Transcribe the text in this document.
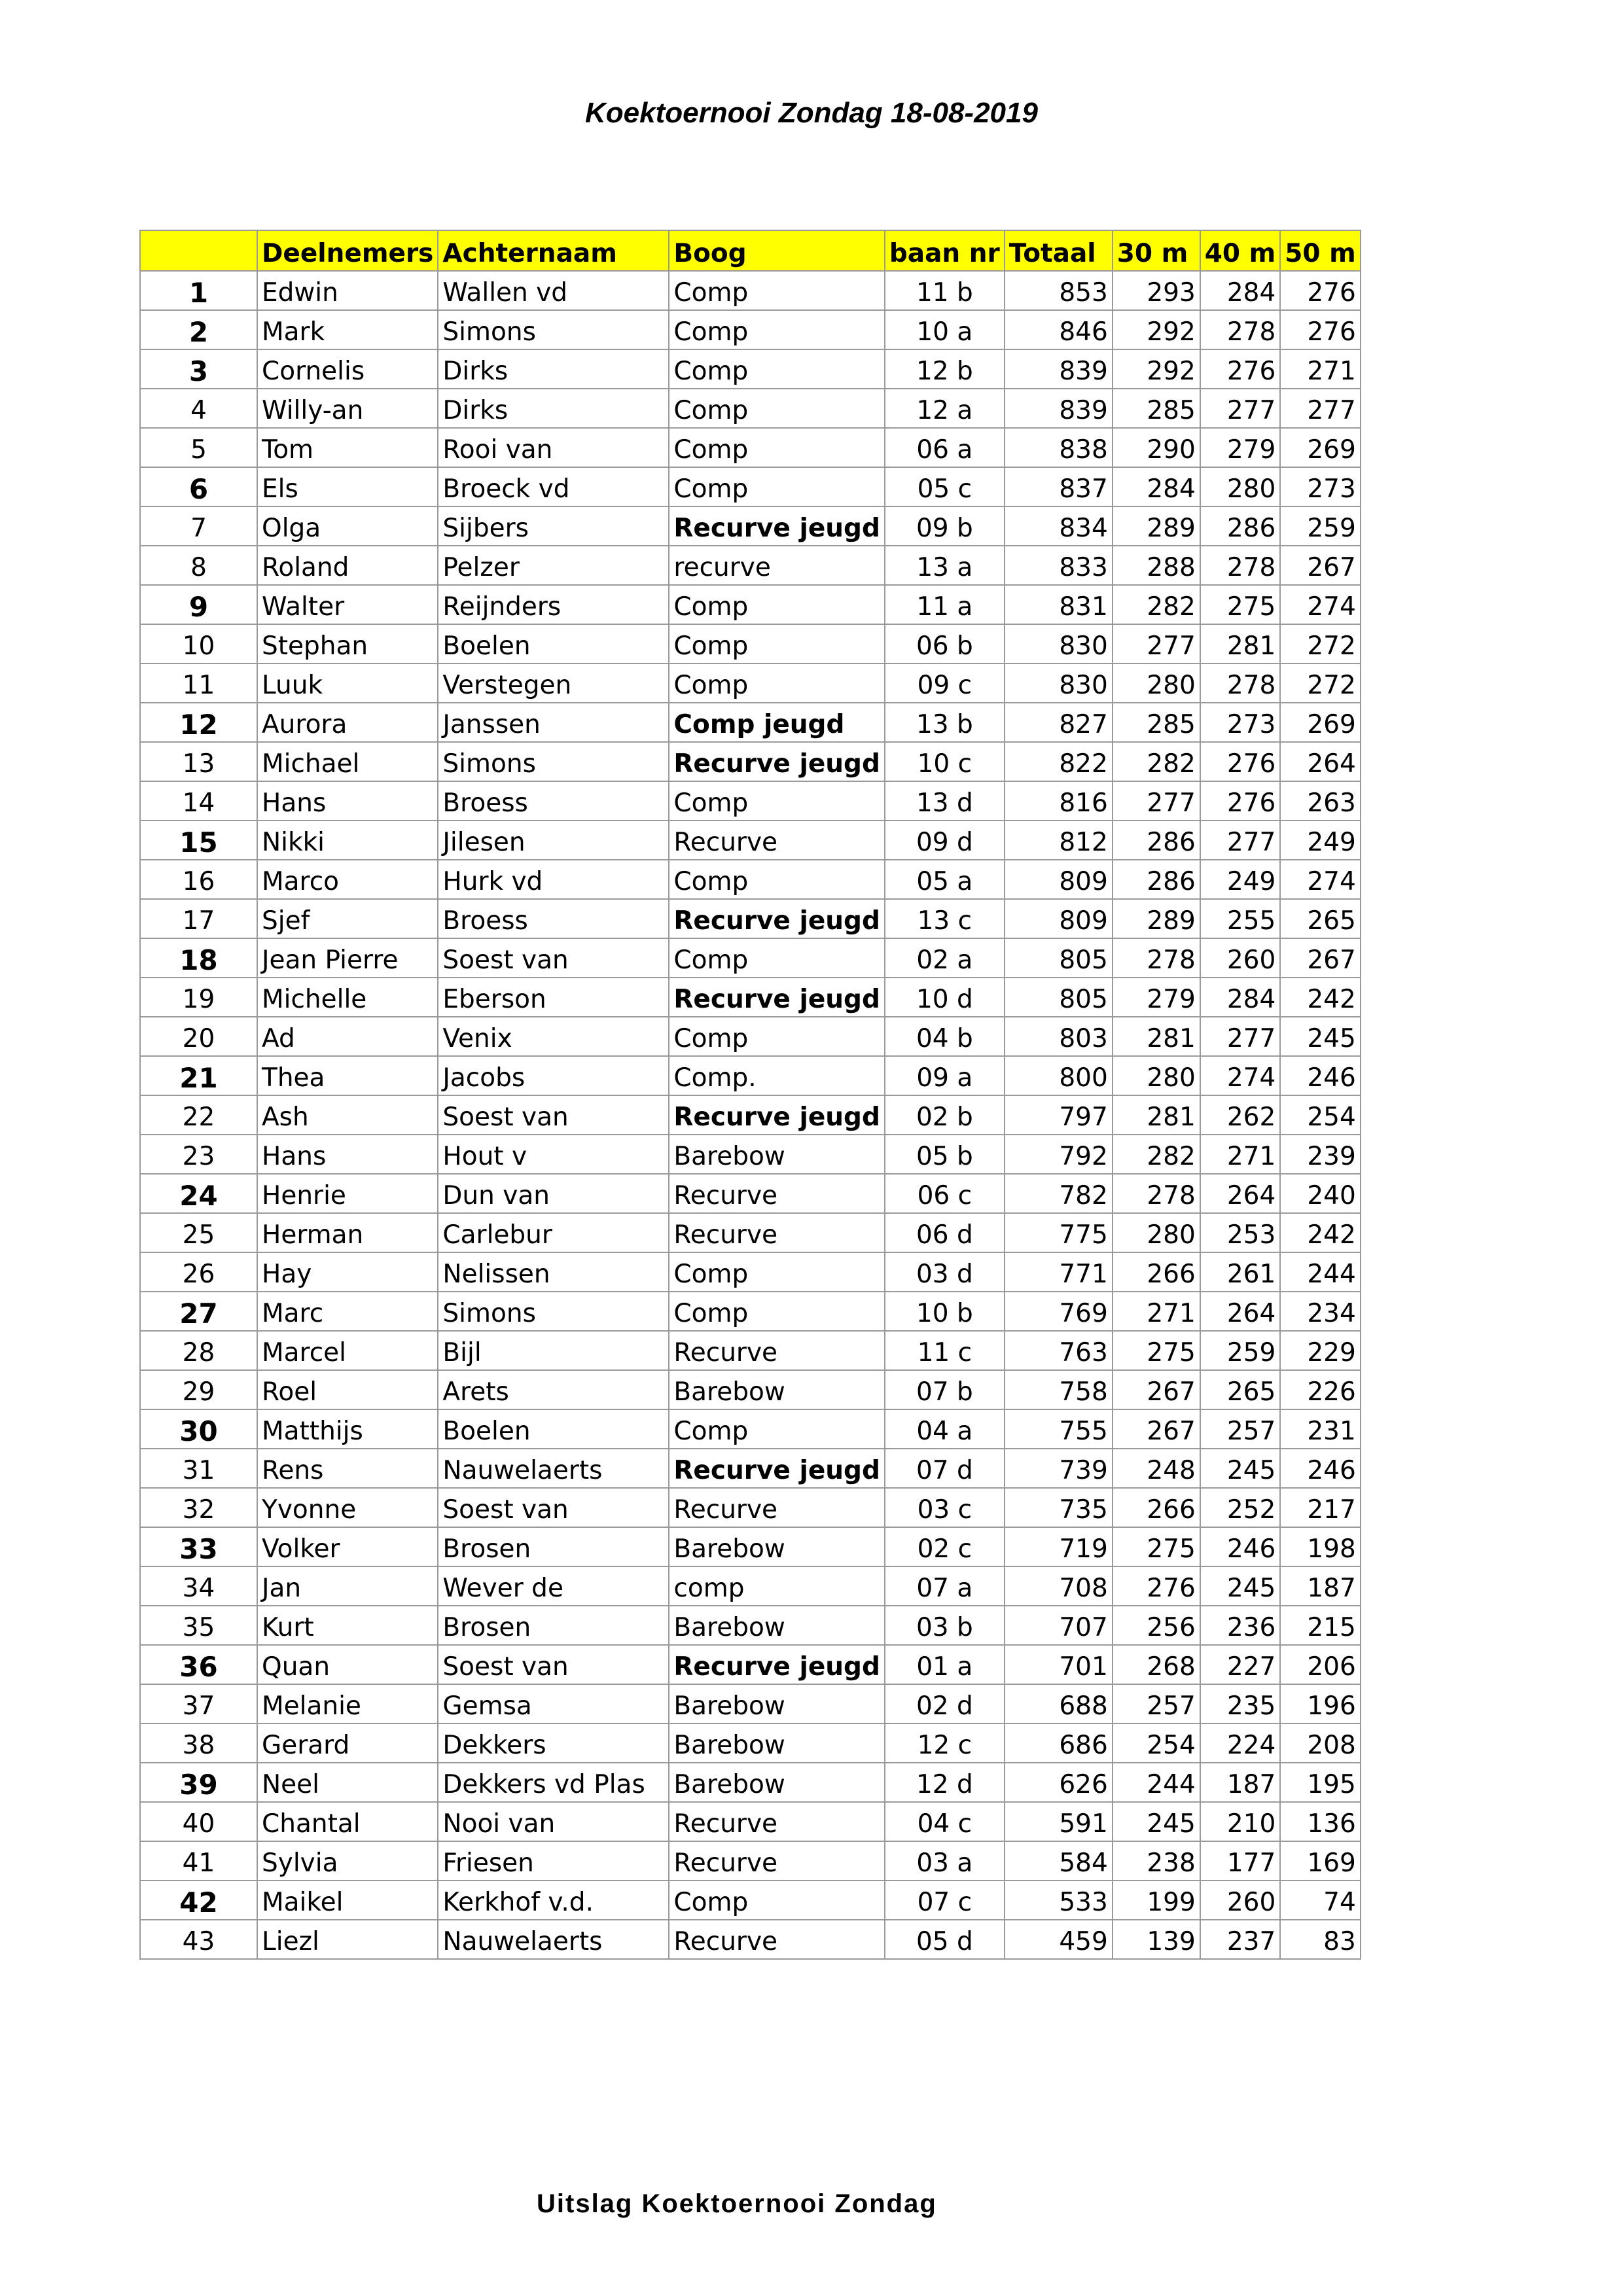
Koektoernooi Zondag 18-08-2019
	Deelnemers	Achternaam	Boog	baan nr	Totaal	30 m	40 m	50 m
1	Edwin	Wallen vd	Comp	11 b	853	293	284	276
2	Mark	Simons	Comp	10 a	846	292	278	276
3	Cornelis	Dirks	Comp	12 b	839	292	276	271
4	Willy-an	Dirks	Comp	12 a	839	285	277	277
5	Tom	Rooi van	Comp	06 a	838	290	279	269
6	Els	Broeck vd	Comp	05 c	837	284	280	273
7	Olga	Sijbers	Recurve jeugd	09 b	834	289	286	259
8	Roland	Pelzer	recurve	13 a	833	288	278	267
9	Walter	Reijnders	Comp	11 a	831	282	275	274
10	Stephan	Boelen	Comp	06 b	830	277	281	272
11	Luuk	Verstegen	Comp	09 c	830	280	278	272
12	Aurora	Janssen	Comp jeugd	13 b	827	285	273	269
13	Michael	Simons	Recurve jeugd	10 c	822	282	276	264
14	Hans	Broess	Comp	13 d	816	277	276	263
15	Nikki	Jilesen	Recurve	09 d	812	286	277	249
16	Marco	Hurk vd	Comp	05 a	809	286	249	274
17	Sjef	Broess	Recurve jeugd	13 c	809	289	255	265
18	Jean Pierre	Soest van	Comp	02 a	805	278	260	267
19	Michelle	Eberson	Recurve jeugd	10 d	805	279	284	242
20	Ad	Venix	Comp	04 b	803	281	277	245
21	Thea	Jacobs	Comp.	09 a	800	280	274	246
22	Ash	Soest van	Recurve jeugd	02 b	797	281	262	254
23	Hans	Hout v	Barebow	05 b	792	282	271	239
24	Henrie	Dun van	Recurve	06 c	782	278	264	240
25	Herman	Carlebur	Recurve	06 d	775	280	253	242
26	Hay	Nelissen	Comp	03 d	771	266	261	244
27	Marc	Simons	Comp	10 b	769	271	264	234
28	Marcel	Bijl	Recurve	11 c	763	275	259	229
29	Roel	Arets	Barebow	07 b	758	267	265	226
30	Matthijs	Boelen	Comp	04 a	755	267	257	231
31	Rens	Nauwelaerts	Recurve jeugd	07 d	739	248	245	246
32	Yvonne	Soest van	Recurve	03 c	735	266	252	217
33	Volker	Brosen	Barebow	02 c	719	275	246	198
34	Jan	Wever de	comp	07 a	708	276	245	187
35	Kurt	Brosen	Barebow	03 b	707	256	236	215
36	Quan	Soest van	Recurve jeugd	01 a	701	268	227	206
37	Melanie	Gemsa	Barebow	02 d	688	257	235	196
38	Gerard	Dekkers	Barebow	12 c	686	254	224	208
39	Neel	Dekkers vd Plas	Barebow	12 d	626	244	187	195
40	Chantal	Nooi van	Recurve	04 c	591	245	210	136
41	Sylvia	Friesen	Recurve	03 a	584	238	177	169
42	Maikel	Kerkhof v.d.	Comp	07 c	533	199	260	74
43	Liezl	Nauwelaerts	Recurve	05 d	459	139	237	83
Uitslag Koektoernooi Zondag
